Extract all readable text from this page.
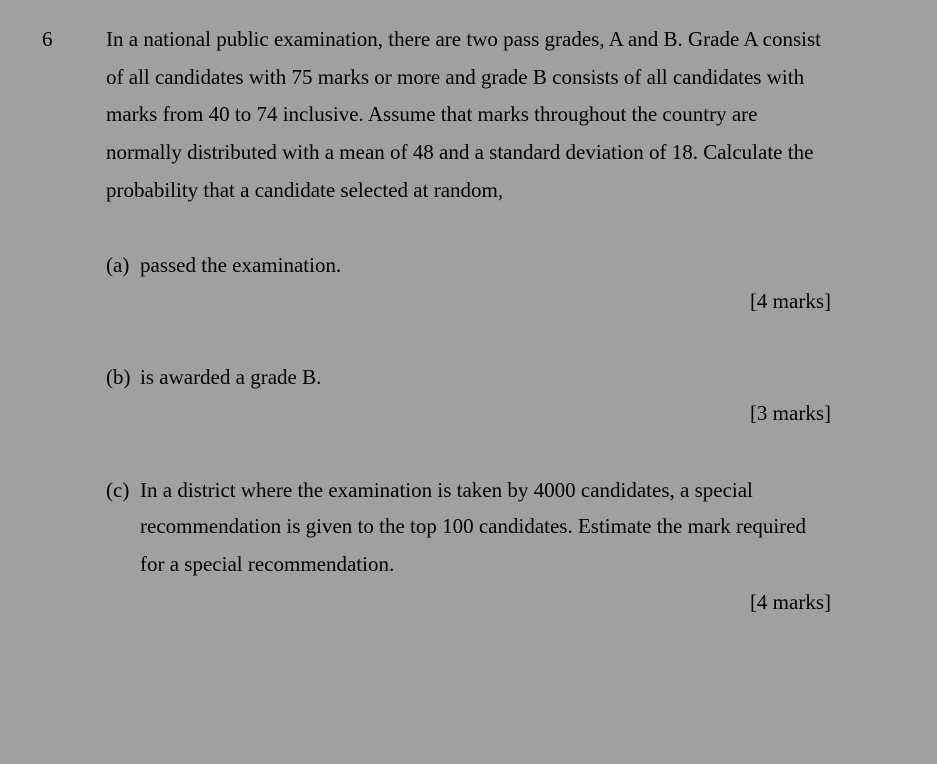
6	In a national public examination, there are two pass grades, A and B. Grade A consist
of all candidates with 75 marks or more and grade B consists of all candidates with
marks from 40 to 74 inclusive. Assume that marks throughout the country are
normally distributed with a mean of 48 and a standard deviation of 18. Calculate the
probability that a candidate selected at random,
(a) passed the examination.
[4 marks]
(b) is awarded a grade B.
[3 marks]
(c) In a district where the examination is taken by 4000 candidates, a special
recommendation is given to the top 100 candidates. Estimate the mark required
for a special recommendation.
[4 marks]
